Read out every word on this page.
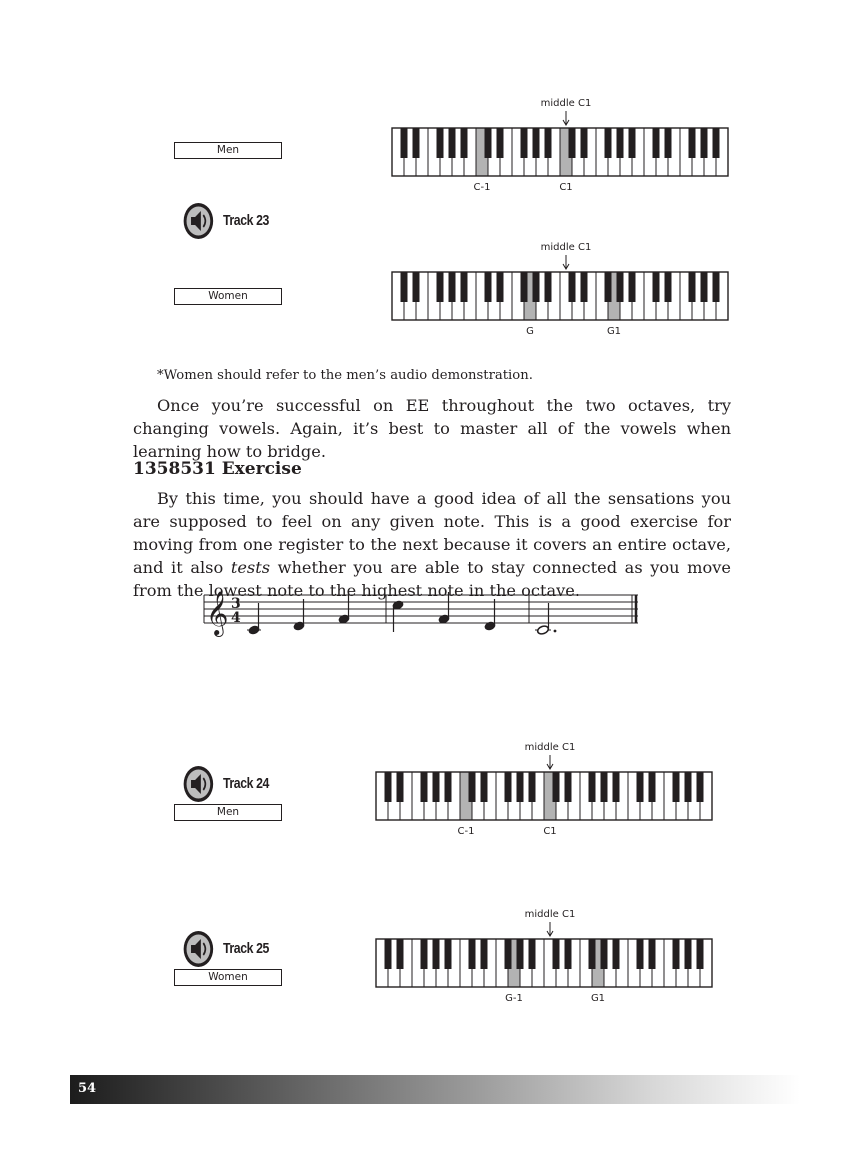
Men
middle C1
C-1	C1
Track 23
Women
middle C1
G	G1
*Women should refer to the men’s audio demonstration.
Once you’re successful on EE throughout the two octaves, try changing vowels. Again, it’s best to master all of the vowels when learning how to bridge.
1358531 Exercise
By this time, you should have a good idea of all the sensations you are supposed to feel on any given note. This is a good exercise for moving from one register to the next because it covers an entire octave, and it also tests whether you are able to stay connected as you move from the lowest note to the highest note in the octave.
𝄞 3
4
Track 24
Men
middle C1
C-1	C1
Track 25
Women
middle C1
G-1	G1
54
